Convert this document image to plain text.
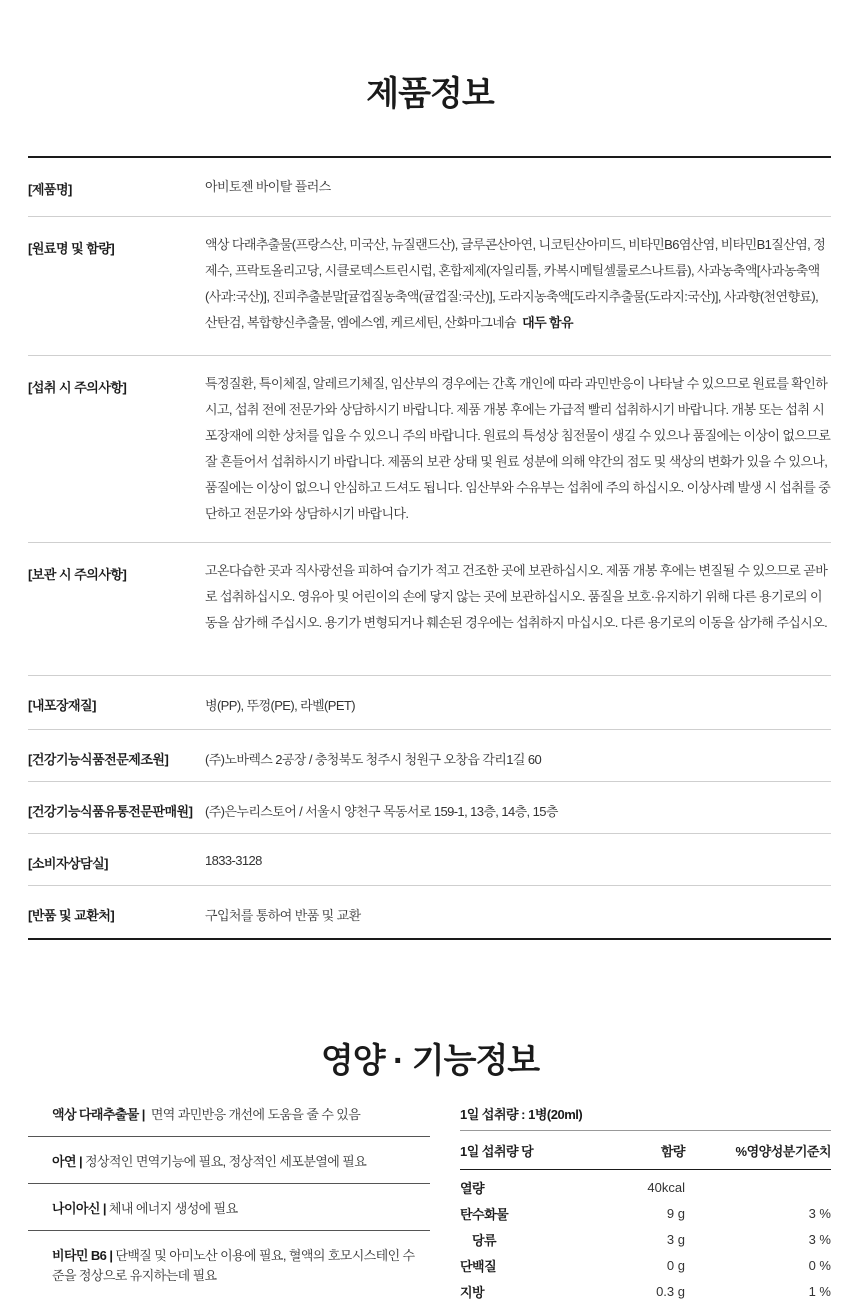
제품정보
[제품명]	아비토젠 바이탈 플러스
[원료명 및 함량]	액상 다래추출물(프랑스산, 미국산, 뉴질랜드산), 글루콘산아연, 니코틴산아미드, 비타민B6염산염, 비타민B1질산염, 정제수, 프락토올리고당, 시클로덱스트린시럽, 혼합제제(자일리톨, 카복시메틸셀룰로스나트륨), 사과농축액[사과농축액(사과:국산)], 진피추출분말[귤껍질농축액(귤껍질:국산)], 도라지농축액[도라지추출물(도라지:국산)], 사과향(천연향료), 산탄검, 복합향신추출물, 엠에스엠, 케르세틴, 산화마그네슘 대두 함유
[섭취 시 주의사항]	특정질환, 특이체질, 알레르기체질, 임산부의 경우에는 간혹 개인에 따라 과민반응이 나타날 수 있으므로 원료를 확인하시고, 섭취 전에 전문가와 상담하시기 바랍니다. 제품 개봉 후에는 가급적 빨리 섭취하시기 바랍니다. 개봉 또는 섭취 시 포장재에 의한 상처를 입을 수 있으니 주의 바랍니다. 원료의 특성상 침전물이 생길 수 있으나 품질에는 이상이 없으므로 잘 흔들어서 섭취하시기 바랍니다. 제품의 보관 상태 및 원료 성분에 의해 약간의 점도 및 색상의 변화가 있을 수 있으나, 품질에는 이상이 없으니 안심하고 드셔도 됩니다. 임산부와 수유부는 섭취에 주의 하십시오. 이상사례 발생 시 섭취를 중단하고 전문가와 상담하시기 바랍니다.
[보관 시 주의사항]	고온다습한 곳과 직사광선을 피하여 습기가 적고 건조한 곳에 보관하십시오. 제품 개봉 후에는 변질될 수 있으므로 곧바로 섭취하십시오. 영유아 및 어린이의 손에 닿지 않는 곳에 보관하십시오. 품질을 보호·유지하기 위해 다른 용기로의 이동을 삼가해 주십시오. 용기가 변형되거나 훼손된 경우에는 섭취하지 마십시오. 다른 용기로의 이동을 삼가해 주십시오.
[내포장재질]	병(PP), 뚜껑(PE), 라벨(PET)
[건강기능식품전문제조원]	(주)노바렉스 2공장 / 충청북도 청주시 청원구 오창읍 각리1길 60
[건강기능식품유통전문판매원] (주)은누리스토어 / 서울시 양천구 목동서로 159-1, 13층, 14층, 15층
[소비자상담실]	1833-3128
[반품 및 교환처]	구입처를 통하여 반품 및 교환
영양 · 기능정보
액상 다래추출물 | 면역 과민반응 개선에 도움을 줄 수 있음
아연 | 정상적인 면역기능에 필요, 정상적인 세포분열에 필요
나이아신 | 체내 에너지 생성에 필요
비타민 B6 | 단백질 및 아미노산 이용에 필요, 혈액의 호모시스테인 수준을 정상으로 유지하는데 필요
1일 섭취량 : 1병(20ml)
1일 섭취량 당	함량	%영양성분기준치
열량	40kcal
탄수화물	9 g	3 %
당류	3 g	3 %
단백질	0 g	0 %
지방	0.3 g	1 %
